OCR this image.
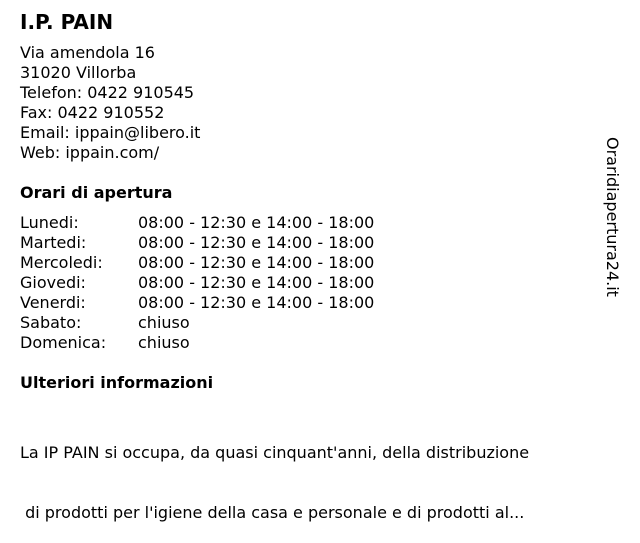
I.P. PAIN
Via amendola 16
31020 Villorba
Telefon: 0422 910545
Fax: 0422 910552
Email: ippain@libero.it
Web: ippain.com/
Orari di apertura
Lunedi:	08:00 - 12:30 e 14:00 - 18:00
Martedi:	08:00 - 12:30 e 14:00 - 18:00
Mercoledi: 08:00 - 12:30 e 14:00 - 18:00
Giovedi:	08:00 - 12:30 e 14:00 - 18:00
Venerdi:	08:00 - 12:30 e 14:00 - 18:00
Sabato:	chiuso
Domenica: chiuso
Ulteriori informazioni

La IP PAIN si occupa, da quasi cinquant'anni, della distribuzione

di prodotti per l'igiene della casa e personale e di prodotti al...

Oraridiapertura24.it
